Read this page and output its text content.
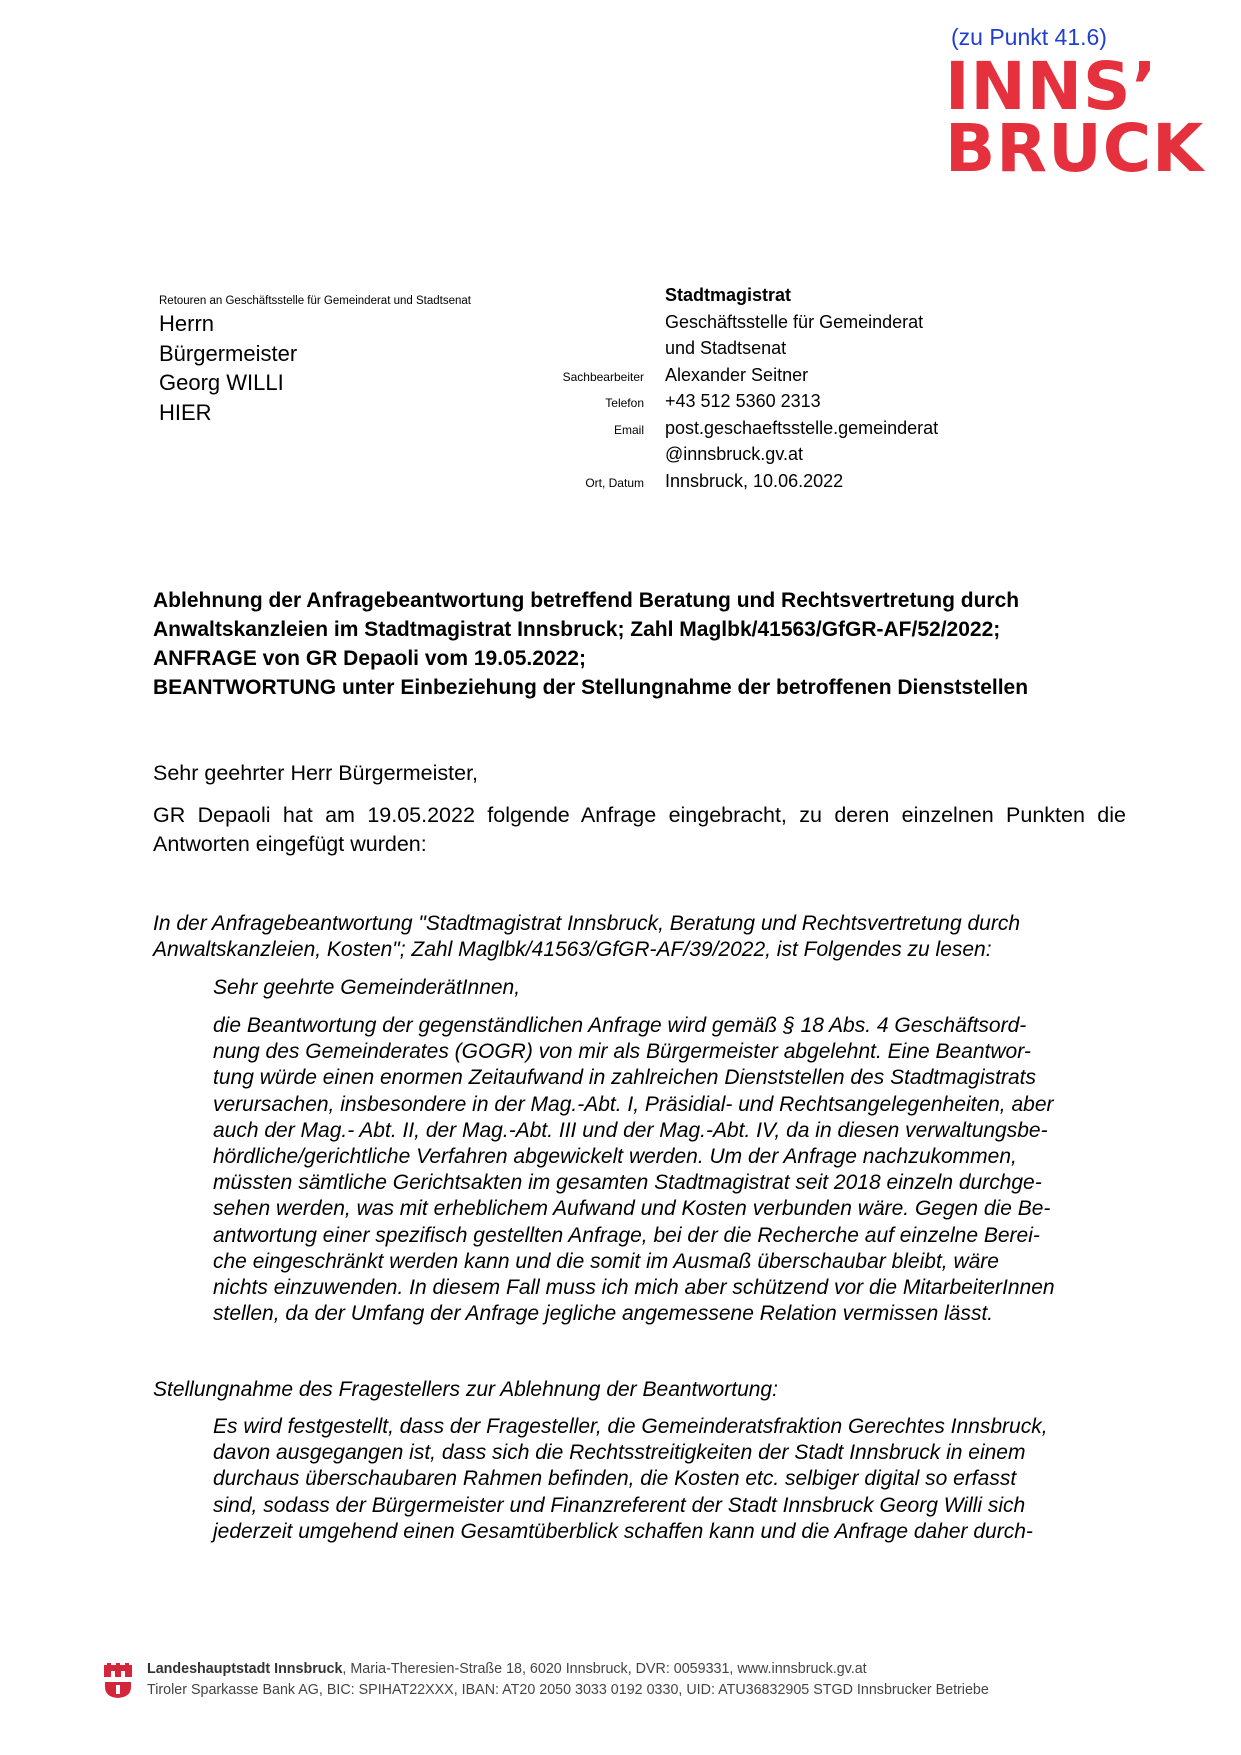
(zu Punkt 41.6)
INNS’
BRUCK
Retouren an Geschäftsstelle für Gemeinderat und Stadtsenat
Herrn
Bürgermeister
Georg WILLI
HIER
Stadtmagistrat
Geschäftsstelle für Gemeinderat
und Stadtsenat
Sachbearbeiter	Alexander Seitner
Telefon	+43 512 5360 2313
Email	post.geschaeftsstelle.gemeinderat
@innsbruck.gv.at
Ort, Datum	Innsbruck, 10.06.2022
Ablehnung der Anfragebeantwortung betreffend Beratung und Rechtsvertretung durch
Anwaltskanzleien im Stadtmagistrat Innsbruck; Zahl Maglbk/41563/GfGR-AF/52/2022;
ANFRAGE von GR Depaoli vom 19.05.2022;
BEANTWORTUNG unter Einbeziehung der Stellungnahme der betroffenen Dienststellen
Sehr geehrter Herr Bürgermeister,
GR Depaoli hat am 19.05.2022 folgende Anfrage eingebracht, zu deren einzelnen Punkten die Antworten eingefügt wurden:
In der Anfragebeantwortung "Stadtmagistrat Innsbruck, Beratung und Rechtsvertretung durch
Anwaltskanzleien, Kosten"; Zahl Maglbk/41563/GfGR-AF/39/2022, ist Folgendes zu lesen:
Sehr geehrte GemeinderätInnen,
die Beantwortung der gegenständlichen Anfrage wird gemäß § 18 Abs. 4 Geschäftsord-
nung des Gemeinderates (GOGR) von mir als Bürgermeister abgelehnt. Eine Beantwor-
tung würde einen enormen Zeitaufwand in zahlreichen Dienststellen des Stadtmagistrats
verursachen, insbesondere in der Mag.-Abt. I, Präsidial- und Rechtsangelegenheiten, aber
auch der Mag.- Abt. II, der Mag.-Abt. III und der Mag.-Abt. IV, da in diesen verwaltungsbe-
hördliche/gerichtliche Verfahren abgewickelt werden. Um der Anfrage nachzukommen,
müssten sämtliche Gerichtsakten im gesamten Stadtmagistrat seit 2018 einzeln durchge-
sehen werden, was mit erheblichem Aufwand und Kosten verbunden wäre. Gegen die Be-
antwortung einer spezifisch gestellten Anfrage, bei der die Recherche auf einzelne Berei-
che eingeschränkt werden kann und die somit im Ausmaß überschaubar bleibt, wäre
nichts einzuwenden. In diesem Fall muss ich mich aber schützend vor die MitarbeiterInnen
stellen, da der Umfang der Anfrage jegliche angemessene Relation vermissen lässt.
Stellungnahme des Fragestellers zur Ablehnung der Beantwortung:
Es wird festgestellt, dass der Fragesteller, die Gemeinderatsfraktion Gerechtes Innsbruck,
davon ausgegangen ist, dass sich die Rechtsstreitigkeiten der Stadt Innsbruck in einem
durchaus überschaubaren Rahmen befinden, die Kosten etc. selbiger digital so erfasst
sind, sodass der Bürgermeister und Finanzreferent der Stadt Innsbruck Georg Willi sich
jederzeit umgehend einen Gesamtüberblick schaffen kann und die Anfrage daher durch-
Landeshauptstadt Innsbruck, Maria-Theresien-Straße 18, 6020 Innsbruck, DVR: 0059331, www.innsbruck.gv.at
Tiroler Sparkasse Bank AG, BIC: SPIHAT22XXX, IBAN: AT20 2050 3033 0192 0330, UID: ATU36832905 STGD Innsbrucker Betriebe
